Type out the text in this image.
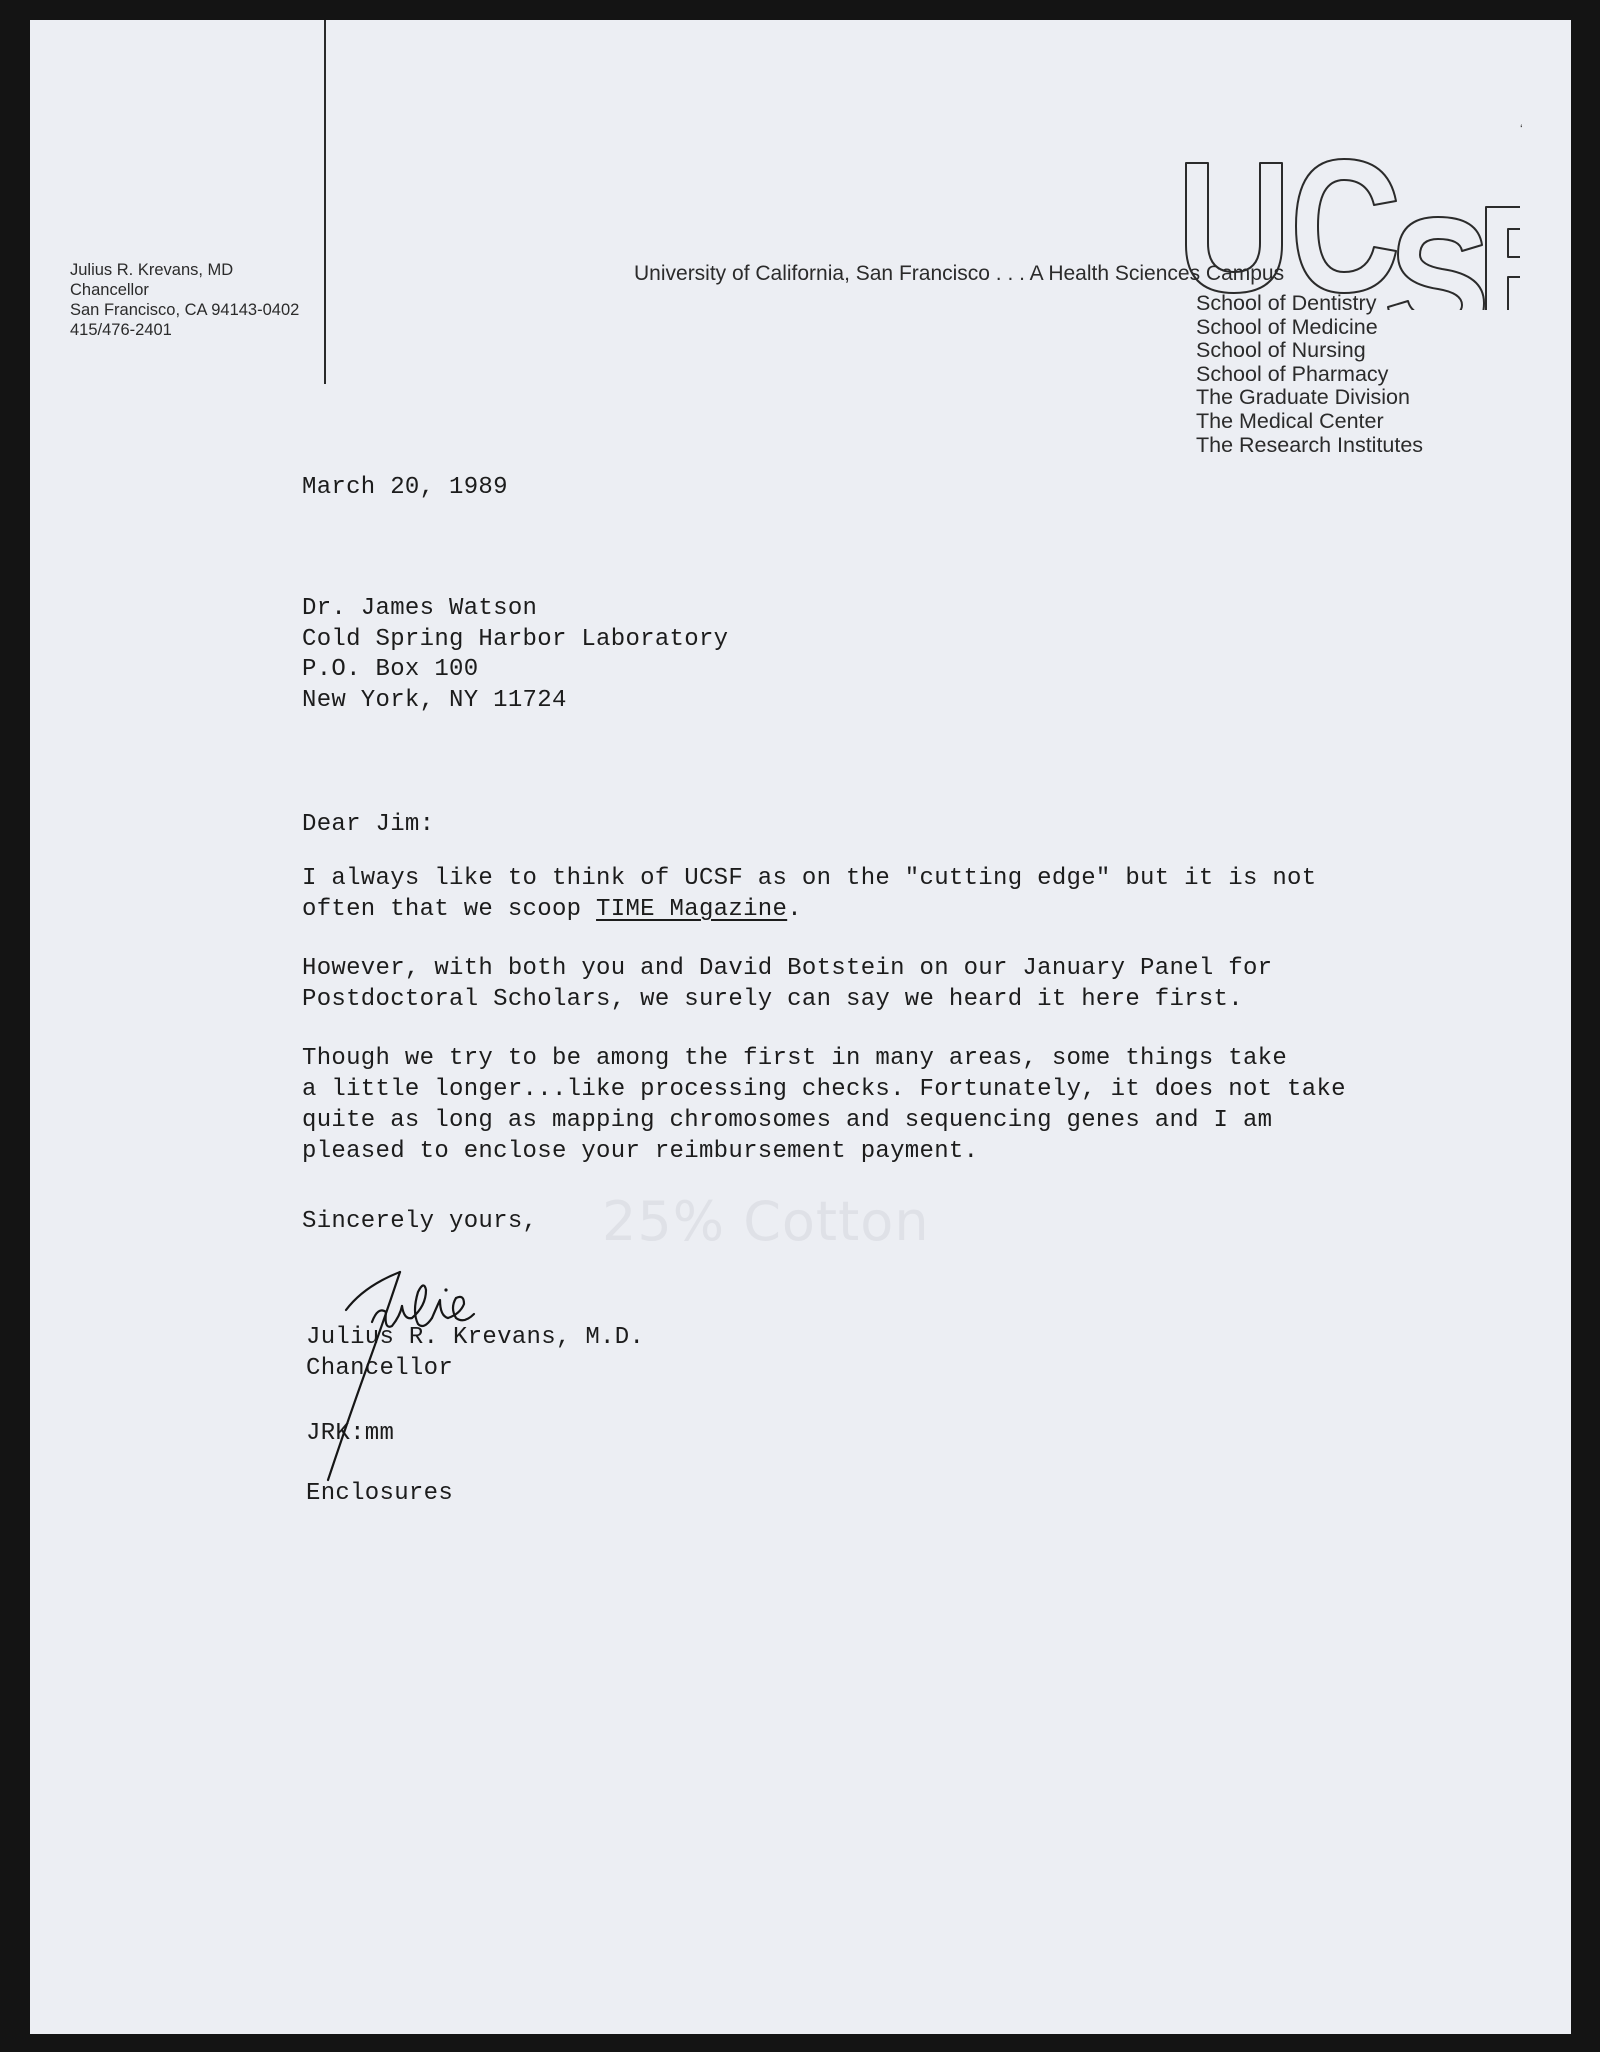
‘
Julius R. Krevans, MD
Chancellor
San Francisco, CA 94143-0402
415/476-2401
University of California, San Francisco . . . A Health Sciences Campus
School of Dentistry
School of Medicine
School of Nursing
School of Pharmacy
The Graduate Division
The Medical Center
The Research Institutes
25% Cotton
March 20, 1989
Dr. James Watson
Cold Spring Harbor Laboratory
P.O. Box 100
New York, NY 11724
Dear Jim:

I always like to think of UCSF as on the "cutting edge" but it is not
often that we scoop TIME Magazine.

However, with both you and David Botstein on our January Panel for
Postdoctoral Scholars, we surely can say we heard it here first.

Though we try to be among the first in many areas, some things take
a little longer...like processing checks. Fortunately, it does not take
quite as long as mapping chromosomes and sequencing genes and I am
pleased to enclose your reimbursement payment.

Sincerely yours,
Julius R. Krevans, M.D.
Chancellor
JRK:mm
Enclosures
